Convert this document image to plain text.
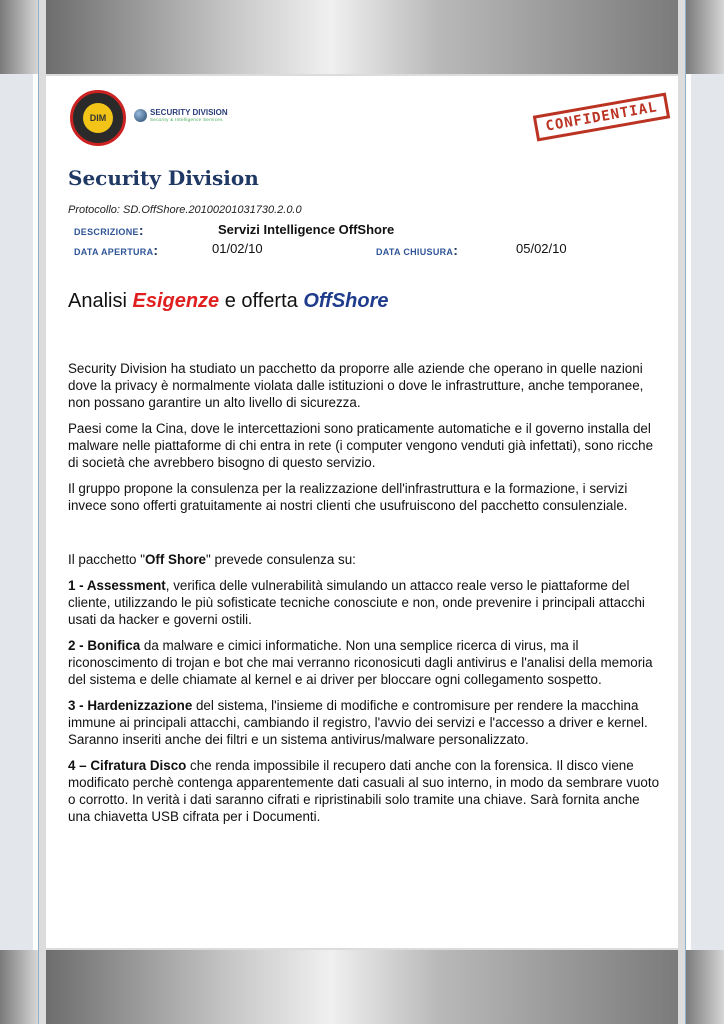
DIM
SECURITY DIVISION
Security & Intelligence Services	CONFIDENTIAL
Security Division
Protocollo: SD.OffShore.20100201031730.2.0.0
DESCRIZIONE:	Servizi Intelligence OffShore
DATA APERTURA:	01/02/10	DATA CHIUSURA:	05/02/10
Analisi Esigenze e offerta OffShore

Security Division ha studiato un pacchetto da proporre alle aziende che operano in quelle nazioni dove la privacy è normalmente violata dalle istituzioni o dove le infrastrutture, anche temporanee, non possano garantire un alto livello di sicurezza.

Paesi come la Cina, dove le intercettazioni sono praticamente automatiche e il governo installa del malware nelle piattaforme di chi entra in rete (i computer vengono venduti già infettati), sono ricche di società che avrebbero bisogno di questo servizio.

Il gruppo propone la consulenza per la realizzazione dell'infrastruttura e la formazione, i servizi invece sono offerti gratuitamente ai nostri clienti che usufruiscono del pacchetto consulenziale.

Il pacchetto "Off Shore" prevede consulenza su:

1 - Assessment, verifica delle vulnerabilità simulando un attacco reale verso le piattaforme del cliente, utilizzando le più sofisticate tecniche conosciute e non, onde prevenire i principali attacchi usati da hacker e governi ostili.

2 - Bonifica da malware e cimici informatiche. Non una semplice ricerca di virus, ma il riconoscimento di trojan e bot che mai verranno riconosicuti dagli antivirus e l'analisi della memoria del sistema e delle chiamate al kernel e ai driver per bloccare ogni collegamento sospetto.

3 - Hardenizzazione del sistema, l'insieme di modifiche e contromisure per rendere la macchina immune ai principali attacchi, cambiando il registro, l'avvio dei servizi e l'accesso a driver e kernel. Saranno inseriti anche dei filtri e un sistema antivirus/malware personalizzato.

4 – Cifratura Disco che renda impossibile il recupero dati anche con la forensica. Il disco viene modificato perchè contenga apparentemente dati casuali al suo interno, in modo da sembrare vuoto o corrotto. In verità i dati saranno cifrati e ripristinabili solo tramite una chiave. Sarà fornita anche una chiavetta USB cifrata per i Documenti.
